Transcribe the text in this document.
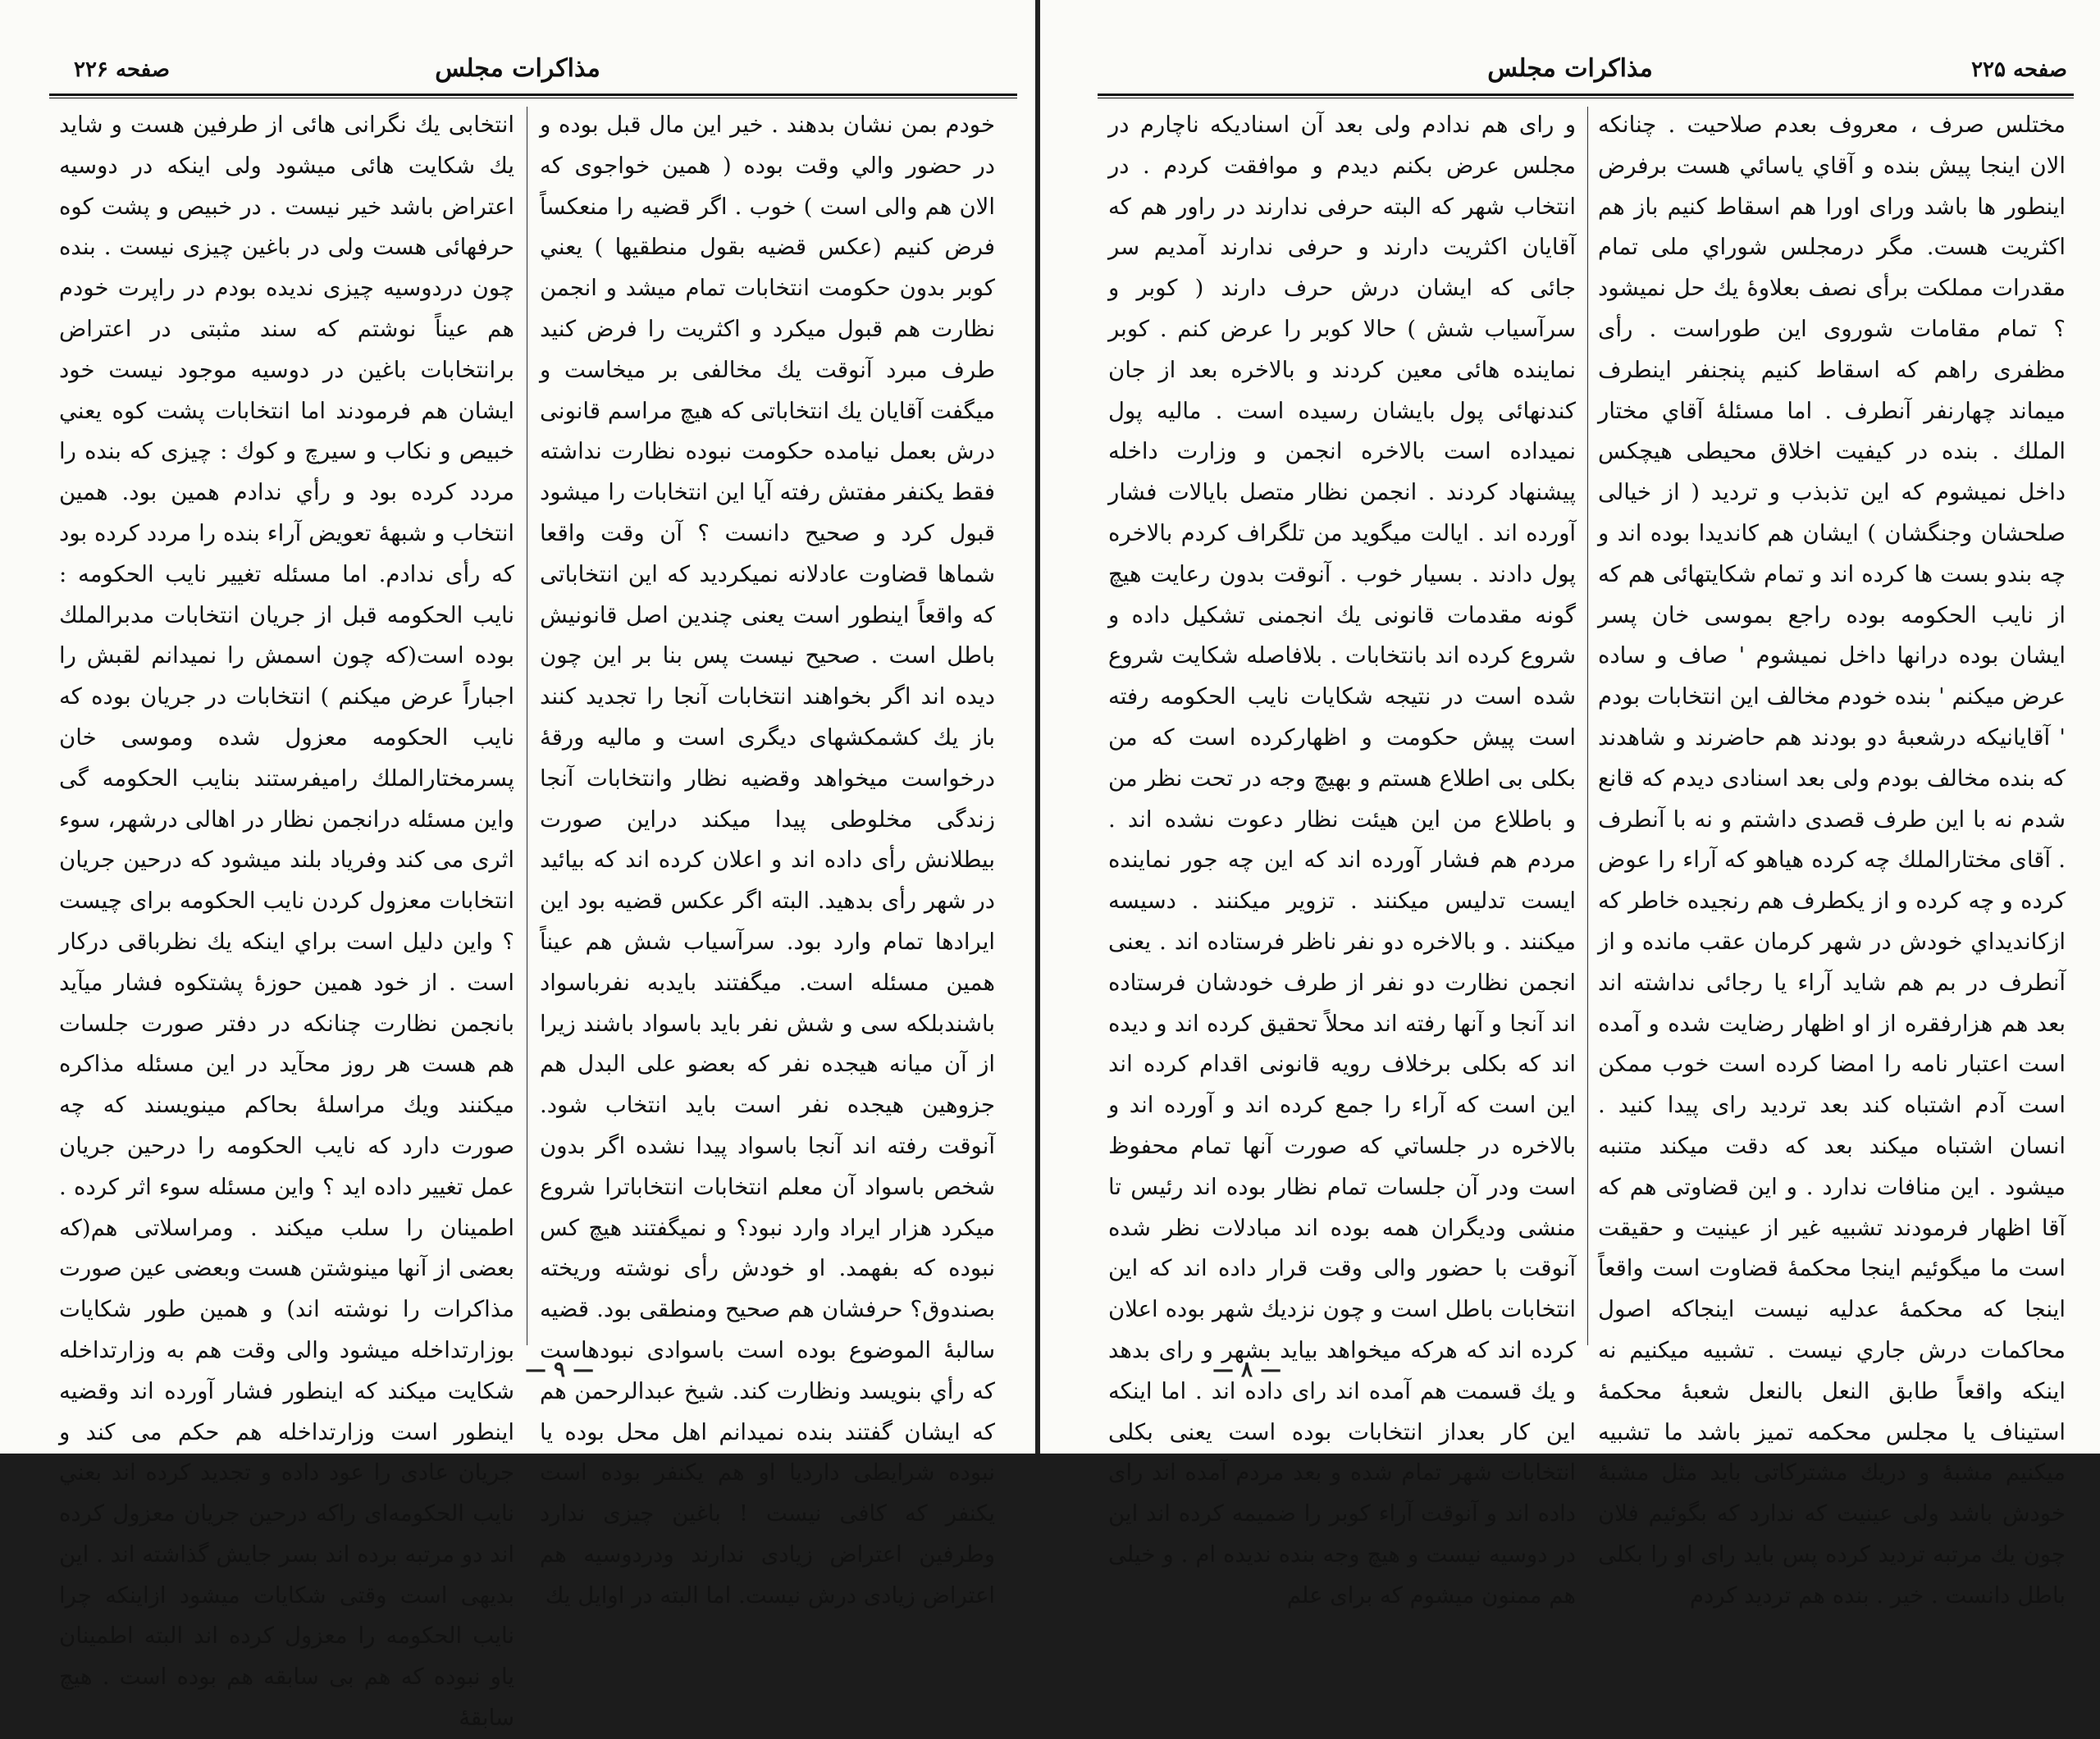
مذاکرات مجلس
صفحه ۲۲۶

خودم بمن نشان بدهند . خیر این مال قبل بوده و در حضور والي وقت بوده ( همین خواجوی که الان هم والی است ) خوب . اگر قضیه را منعکساً فرض کنیم (عکس قضیه بقول منطقیها ) یعني کوبر بدون حکومت انتخابات تمام میشد و انجمن نظارت هم قبول میکرد و اکثریت را فرض کنید طرف مبرد آنوقت یك مخالفی بر میخاست و میگفت آقایان یك انتخاباتی که هیچ مراسم قانونی درش بعمل نیامده حکومت نبوده نظارت نداشته فقط یکنفر مفتش رفته آیا این انتخابات را میشود قبول کرد و صحیح دانست ؟ آن وقت واقعا شماها قضاوت عادلانه نمیکردید که این انتخاباتی که واقعاً اینطور است یعنی چندین اصل قانونیش باطل است . صحیح نیست پس بنا بر این چون دیده اند اگر بخواهند انتخابات آنجا را تجدید کنند باز یك کشمکشهای دیگری است و مالیه ورقهٔ درخواست میخواهد وقضیه نظار وانتخابات آنجا زندگی مخلوطی پیدا میکند دراین صورت بیطلانش رأی داده اند و اعلان کرده اند که بیائید در شهر رأی بدهید. البته اگر عکس قضیه بود این ایرادها تمام وارد بود. سرآسیاب شش هم عیناً همین مسئله است. میگفتند بایدبه نفرباسواد باشندبلکه سی و شش نفر باید باسواد باشند زیرا از آن میانه هیجده نفر که بعضو علی البدل هم جزوهین هیجده نفر است باید انتخاب شود. آنوقت رفته اند آنجا باسواد پیدا نشده اگر بدون شخص باسواد آن معلم انتخابات انتخاباترا شروع میکرد هزار ایراد وارد نبود؟ و نمیگفتند هیچ کس نبوده که بفهمد. او خودش رأی نوشته وریخته بصندوق؟ حرفشان هم صحیح ومنطقی بود. قضیه سالبهٔ الموضوع بوده است باسوادی نبودهاست که رأي بنویسد ونظارت کند. شیخ عبدالرحمن هم که ایشان گفتند بنده نمیدانم اهل محل بوده یا نبوده شرایطی داردیا او هم یکنفر بوده است یکنفر که کافی نیست ! باغین چیزی ندارد وطرفین اعتراض زیادی ندارند ودردوسیه هم اعتراض زیادی درش نیست. اما البته در اوایل یك

انتخابی یك نگرانی هائی از طرفین هست و شاید یك شکایت هائی میشود ولی اینکه در دوسیه اعتراض باشد خیر نیست . در خبیص و پشت کوه حرفهائی هست ولی در باغین چیزی نیست . بنده چون دردوسیه چیزی ندیده بودم در راپرت خودم هم عیناً نوشتم که سند مثبتی در اعتراض برانتخابات باغین در دوسیه موجود نیست خود ایشان هم فرمودند اما انتخابات پشت کوه یعني خبیص و نکاب و سیرچ و کوك : چیزی که بنده را مردد کرده بود و رأي ندادم همین بود. همین انتخاب و شبههٔ تعویض آراء بنده را مردد کرده بود که رأی ندادم. اما مسئله تغییر نایب الحکومه : نایب الحکومه قبل از جریان انتخابات مدبرالملك بوده است(که چون اسمش را نمیدانم لقبش را اجباراً عرض میکنم ) انتخابات در جریان بوده که نایب الحکومه معزول شده وموسی خان پسرمختارالملك رامیفرستند بنایب الحکومه گی واین مسئله درانجمن نظار در اهالی درشهر، سوء اثری می کند وفریاد بلند میشود که درحین جریان انتخابات معزول کردن نایب الحکومه برای چیست ؟ واین دلیل است براي اینکه یك نظرباقی درکار است . از خود همین حوزهٔ پشتکوه فشار میآید بانجمن نظارت چنانکه در دفتر صورت جلسات هم هست هر روز محآید در این مسئله مذاکره میکنند ویك مراسلهٔ بحاکم مینویسند که چه صورت دارد که نایب الحکومه را درحین جریان عمل تغییر داده اید ؟ واین مسئله سوء اثر کرده . اطمینان را سلب میکند . ومراسلاتی هم(که بعضی از آنها مینوشتن هست وبعضی عین صورت مذاکرات را نوشته اند) و همین طور شکایات بوزارتداخله میشود والی وقت هم به وزارتداخله شکایت میکند که اینطور فشار آورده اند وقضیه اینطور است وزارتداخله هم حکم می کند و جریان عادی را عود داده و تجدید کرده اند بعني نایب الحکومه‌ای راکه درحین جریان معزول کرده اند دو مرتبه برده اند بسر جایش گذاشته اند . این بدیهی است وقتی شکایات میشود ازاینکه چرا نایب الحکومه را معزول کرده اند البته اطمینان یاو نبوده که هم بی سابقه هم بوده است . هیچ سابقهٔ

— ۹ —
مذاکرات مجلس	صفحه ۲۲۵

مختلس صرف ، معروف بعدم صلاحیت . چنانکه الان اینجا پیش بنده و آقاي ياسائي هست برفرض اینطور ها باشد ورای اورا هم اسقاط کنیم باز هم اکثریت هست. مگر درمجلس شوراي ملی تمام مقدرات مملکت برأی نصف بعلاوهٔ یك حل نمیشود ؟ تمام مقامات شوروی این طوراست . رأی مظفری راهم که اسقاط کنیم پنجنفر اینطرف میماند چهارنفر آنطرف . اما مسئلهٔ آقاي مختار الملك . بنده در کیفیت اخلاق محیطی هیچکس داخل نمیشوم که این تذبذب و تردید ( از خیالی صلحشان وجنگشان ) ایشان هم کاندیدا بوده اند و چه بندو بست ها کرده اند و تمام شکایتهائی هم که از نایب الحکومه بوده راجع بموسی خان پسر ایشان بوده درانها داخل نمیشوم ' صاف و ساده عرض میکنم ' بنده خودم مخالف این انتخابات بودم ' آقایانیکه درشعبهٔ دو بودند هم حاضرند و شاهدند که بنده مخالف بودم ولی بعد اسنادی دیدم که قانع شدم نه با این طرف قصدی داشتم و نه با آنطرف . آقای مختارالملك چه کرده هیاهو که آراء را عوض کرده و چه کرده و از یکطرف هم رنجیده خاطر که ازکاندیداي خودش در شهر کرمان عقب مانده و از آنطرف در بم هم شاید آراء یا رجائی نداشته اند بعد هم هزارفقره از او اظهار رضایت شده و آمده است اعتبار نامه را امضا کرده است خوب ممکن است آدم اشتباه کند بعد تردید رای پیدا کنید . انسان اشتباه میکند بعد که دقت میکند متنبه میشود . این منافات ندارد . و این قضاوتی هم که آقا اظهار فرمودند تشبیه غیر از عینیت و حقیقت است ما میگوئیم اینجا محکمهٔ قضاوت است واقعاً اینجا که محکمهٔ عدلیه نیست اینجاکه اصول محاکمات درش جاري نیست . تشبیه میکنیم نه اینکه واقعاً طابق النعل بالنعل شعبهٔ محکمهٔ استیناف یا مجلس محکمه تمیز باشد ما تشبیه میکنیم مشبهٔ و دریك مشترکاتی باید مثل مشبهٔ خودش باشد ولی عینیت که ندارد که بگوئیم فلان چون یك مرتبه تردید کرده پس باید رای او را بکلی باطل دانست . خیر . بنده هم تردید کردم

و رای هم ندادم ولی بعد آن اسنادیکه ناچارم در مجلس عرض بکنم دیدم و موافقت کردم . در انتخاب شهر که البته حرفی ندارند در راور هم که آقایان اکثریت دارند و حرفی ندارند آمدیم سر جائی که ایشان درش حرف دارند ( کوبر و سرآسیاب شش ) حالا کوبر را عرض کنم . کوبر نماینده هائی معین کردند و بالاخره بعد از جان کندنهائی پول بایشان رسیده است . مالیه پول نمیداده است بالاخره انجمن و وزارت داخله پیشنهاد کردند . انجمن نظار متصل بایالات فشار آورده اند . ایالت میگوید من تلگراف کردم بالاخره پول دادند . بسیار خوب . آنوقت بدون رعایت هیچ گونه مقدمات قانونی یك انجمنی تشکیل داده و شروع کرده اند بانتخابات . بلافاصله شکایت شروع شده است در نتیجه شکایات نایب الحکومه رفته است پیش حکومت و اظهارکرده است که من بکلی بی اطلاع هستم و بهیچ وجه در تحت نظر من و باطلاع من این هیئت نظار دعوت نشده اند . مردم هم فشار آورده اند که این چه جور نماینده ایست تدلیس میکنند . تزویر میکنند . دسیسه میکنند . و بالاخره دو نفر ناظر فرستاده اند . یعنی انجمن نظارت دو نفر از طرف خودشان فرستاده اند آنجا و آنها رفته اند محلاً تحقیق کرده اند و دیده اند که بکلی برخلاف رویه قانونی اقدام کرده اند این است که آراء را جمع کرده اند و آورده اند و بالاخره در جلساتي که صورت آنها تمام محفوظ است ودر آن جلسات تمام نظار بوده اند رئیس تا منشی ودیگران همه بوده اند مبادلات نظر شده آنوقت با حضور والی وقت قرار داده اند که این انتخابات باطل است و چون نزدیك شهر بوده اعلان کرده اند که هرکه میخواهد بیاید بشهر و رای بدهد و یك قسمت هم آمده اند رای داده اند . اما اینکه این کار بعداز انتخابات بوده است یعنی بکلی انتخابات شهر تمام شده و بعد مردم آمده اند رای داده اند و آنوقت آراء کوبر را ضمیمه کرده اند این در دوسیه نیست و هیچ وجه بنده ندیده ام . و خیلی هم ممنون میشوم که برای علم

— ۸ —
